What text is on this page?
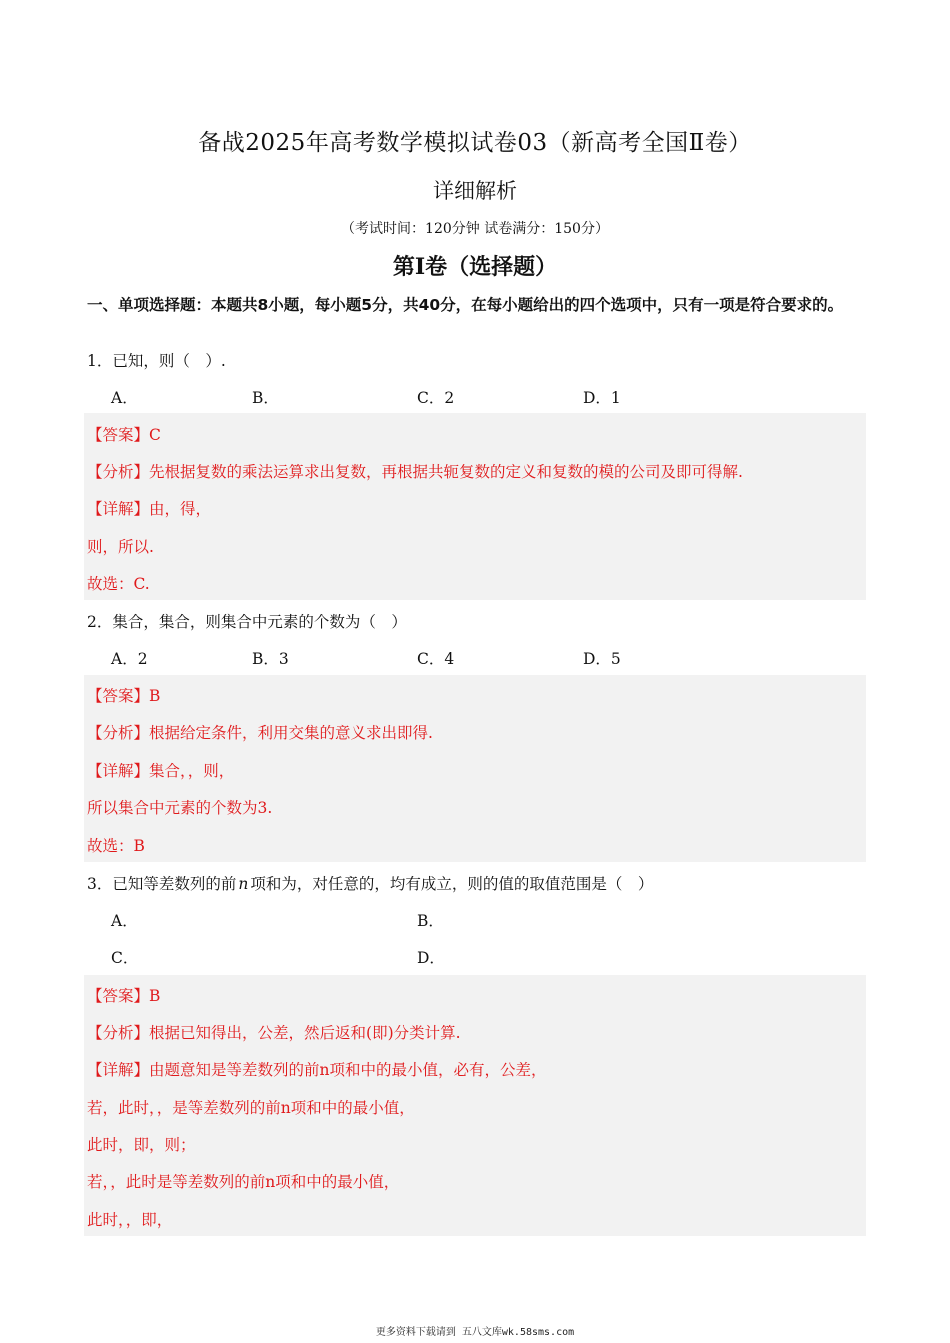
备战2025年高考数学模拟试卷03（新高考全国Ⅱ卷）
详细解析
（考试时间：120分钟 试卷满分：150分）
第I卷（选择题）
一、单项选择题：本题共8小题，每小题5分，共40分，在每小题给出的四个选项中，只有一项是符合要求的。
1．已知，则（　）.
A．	B．	C．2	D．1
【答案】C
【分析】先根据复数的乘法运算求出复数，再根据共轭复数的定义和复数的模的公司及即可得解.
【详解】由，得，
则，所以.
故选：C.
2．集合，集合，则集合中元素的个数为（　）
A．2	B．3	C．4	D．5
【答案】B
【分析】根据给定条件，利用交集的意义求出即得.
【详解】集合，，则，
所以集合中元素的个数为3.
故选：B
3．已知等差数列的前 n 项和为，对任意的，均有成立，则的值的取值范围是（　）
A．	B．
C．	D．
【答案】B
【分析】根据已知得出，公差，然后返和(即)分类计算.
【详解】由题意知是等差数列的前n项和中的最小值，必有，公差，
若，此时，，是等差数列的前n项和中的最小值，
此时，即，则；
若，，此时是等差数列的前n项和中的最小值，
此时，，即，
更多资料下载请到 五八文库wk.58sms.com
